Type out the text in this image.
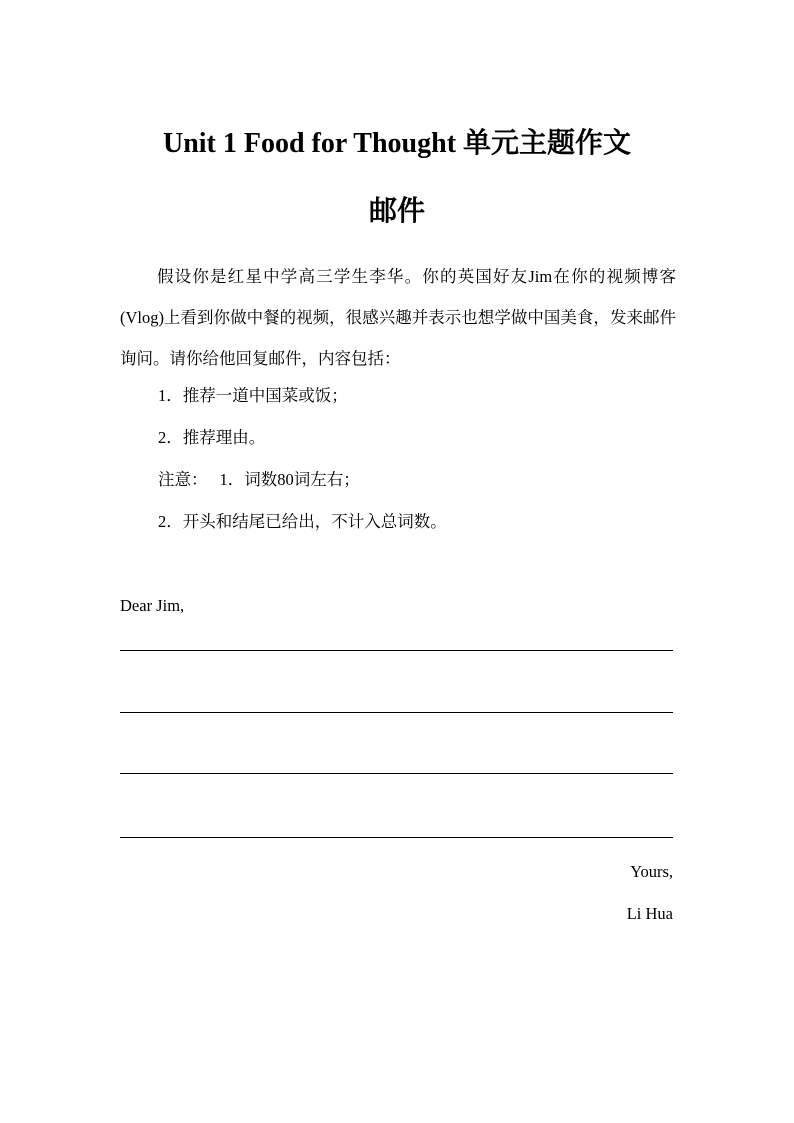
Unit 1 Food for Thought 单元主题作文
邮件
假设你是红星中学高三学生李华。你的英国好友Jim在你的视频博客(Vlog)上看到你做中餐的视频，很感兴趣并表示也想学做中国美食，发来邮件询问。请你给他回复邮件，内容包括：
1．推荐一道中国菜或饭；
2．推荐理由。
注意： 1．词数80词左右；
2．开头和结尾已给出，不计入总词数。
Dear Jim,
Yours,
Li Hua
